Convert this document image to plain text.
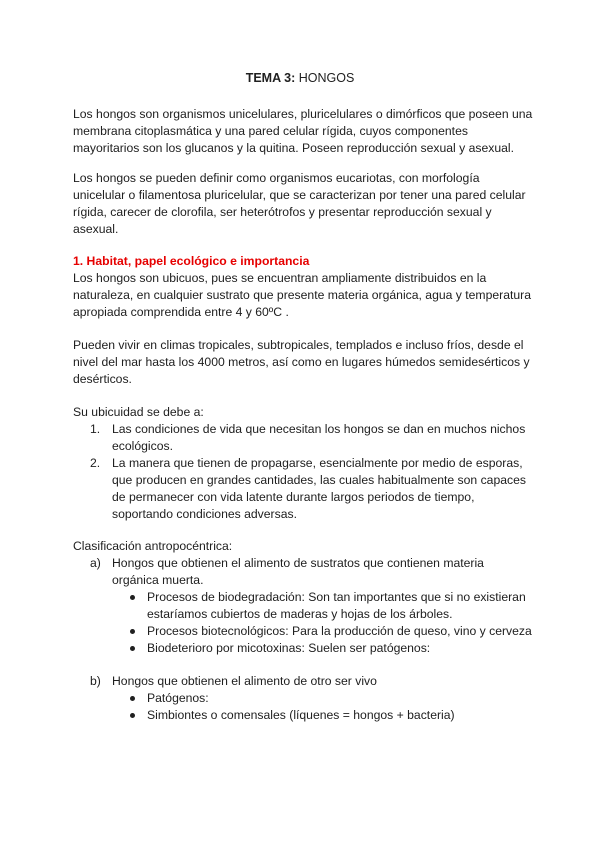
TEMA 3: HONGOS

Los hongos son organismos unicelulares, pluricelulares o dimórficos que poseen una membrana citoplasmática y una pared celular rígida, cuyos componentes mayoritarios son los glucanos y la quitina. Poseen reproducción sexual y asexual.

Los hongos se pueden definir como organismos eucariotas, con morfología unicelular o filamentosa pluricelular, que se caracterizan por tener una pared celular rígida, carecer de clorofila, ser heterótrofos y presentar reproducción sexual y asexual.

1. Habitat, papel ecológico e importancia

Los hongos son ubicuos, pues se encuentran ampliamente distribuidos en la naturaleza, en cualquier sustrato que presente materia orgánica, agua y temperatura apropiada comprendida entre 4 y 60ºC .

Pueden vivir en climas tropicales, subtropicales, templados e incluso fríos, desde el nivel del mar hasta los 4000 metros, así como en lugares húmedos semidesérticos y desérticos.

Su ubicuidad se debe a:
1. Las condiciones de vida que necesitan los hongos se dan en muchos nichos ecológicos.
2. La manera que tienen de propagarse, esencialmente por medio de esporas, que producen en grandes cantidades, las cuales habitualmente son capaces de permanecer con vida latente durante largos periodos de tiempo, soportando condiciones adversas.
Clasificación antropocéntrica:
a) Hongos que obtienen el alimento de sustratos que contienen materia orgánica muerta.
Procesos de biodegradación: Son tan importantes que si no existieran estaríamos cubiertos de maderas y hojas de los árboles.
Procesos biotecnológicos: Para la producción de queso, vino y cerveza
Biodeterioro por micotoxinas: Suelen ser patógenos:
b) Hongos que obtienen el alimento de otro ser vivo
Patógenos:
Simbiontes o comensales (líquenes = hongos + bacteria)
